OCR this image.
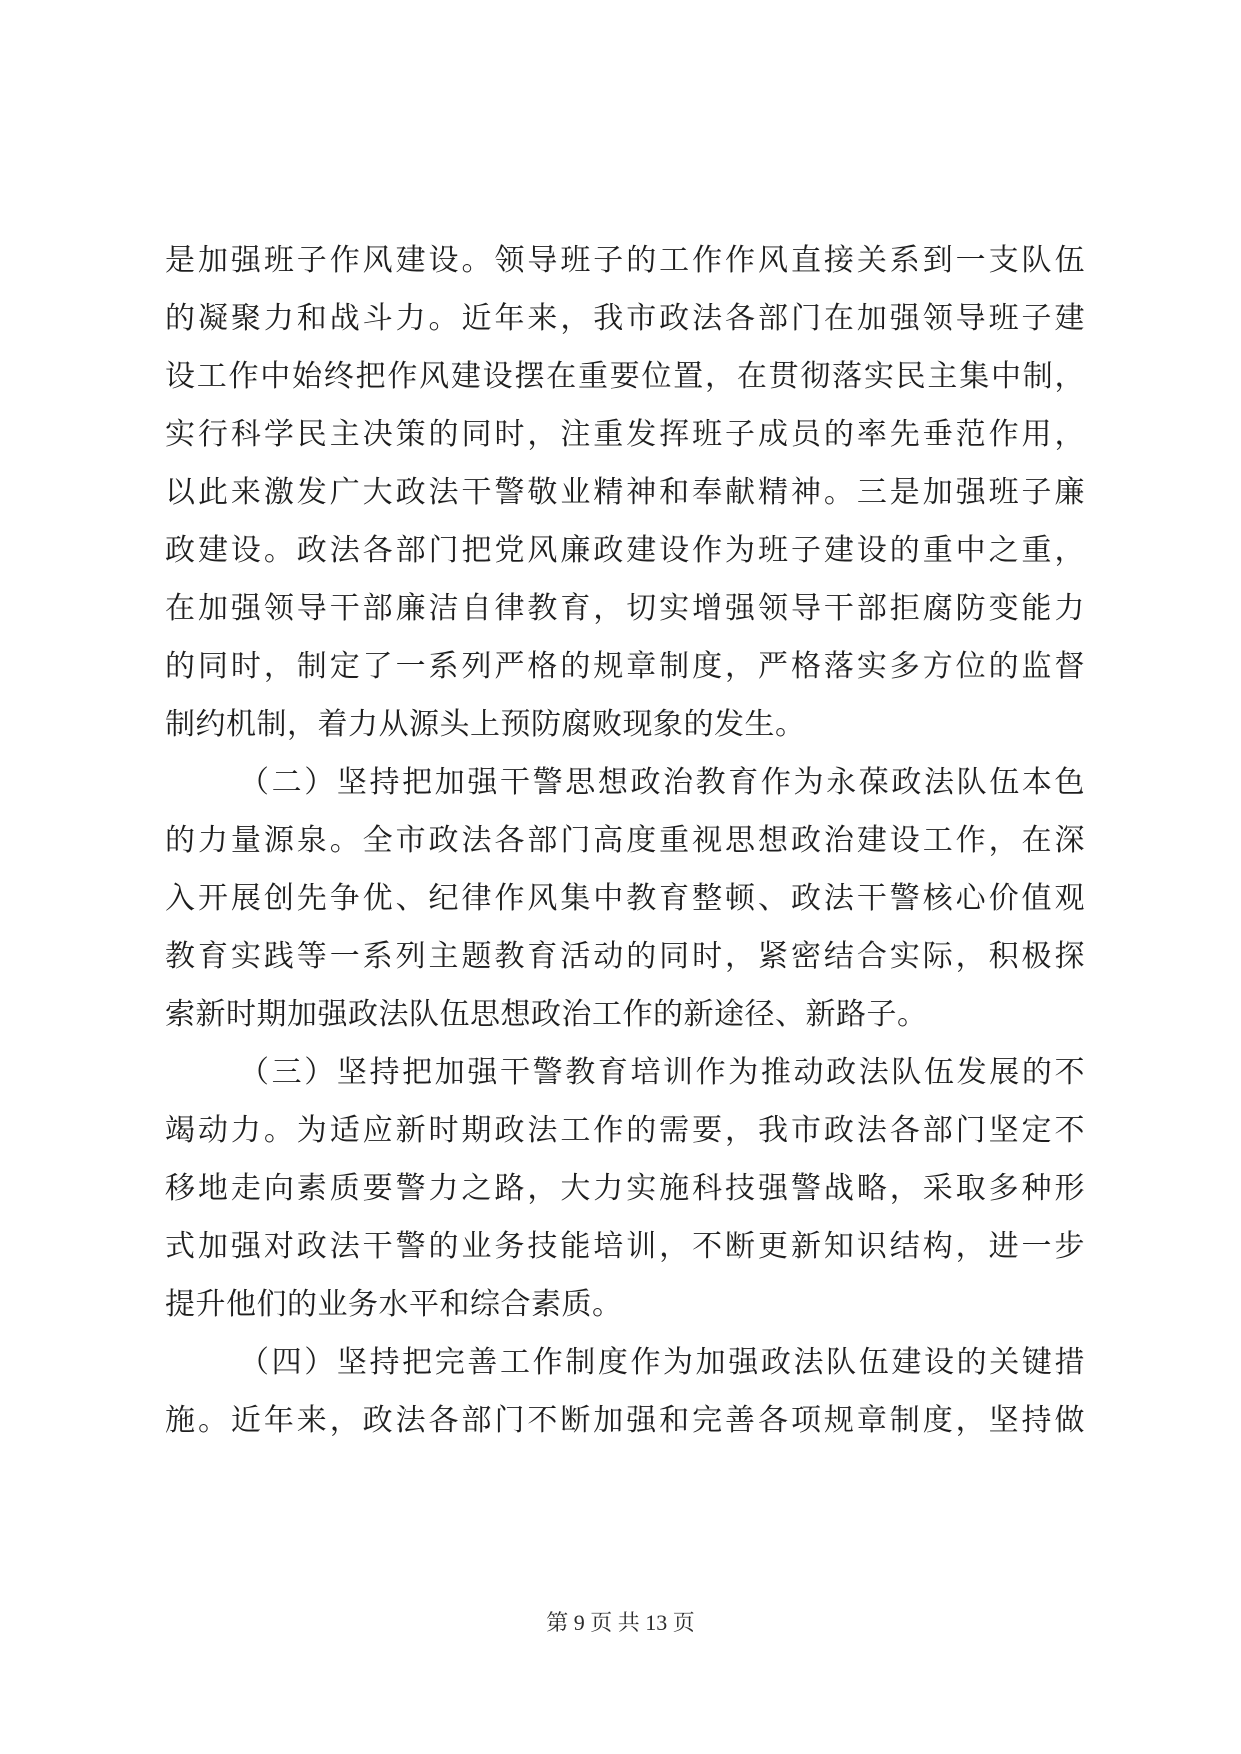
是加强班子作风建设。领导班子的工作作风直接关系到一支队伍
的凝聚力和战斗力。近年来，我市政法各部门在加强领导班子建
设工作中始终把作风建设摆在重要位置，在贯彻落实民主集中制，
实行科学民主决策的同时，注重发挥班子成员的率先垂范作用，
以此来激发广大政法干警敬业精神和奉献精神。三是加强班子廉
政建设。政法各部门把党风廉政建设作为班子建设的重中之重，
在加强领导干部廉洁自律教育，切实增强领导干部拒腐防变能力
的同时，制定了一系列严格的规章制度，严格落实多方位的监督
制约机制，着力从源头上预防腐败现象的发生。
（二）坚持把加强干警思想政治教育作为永葆政法队伍本色
的力量源泉。全市政法各部门高度重视思想政治建设工作，在深
入开展创先争优、纪律作风集中教育整顿、政法干警核心价值观
教育实践等一系列主题教育活动的同时，紧密结合实际，积极探
索新时期加强政法队伍思想政治工作的新途径、新路子。
（三）坚持把加强干警教育培训作为推动政法队伍发展的不
竭动力。为适应新时期政法工作的需要，我市政法各部门坚定不
移地走向素质要警力之路，大力实施科技强警战略，采取多种形
式加强对政法干警的业务技能培训，不断更新知识结构，进一步
提升他们的业务水平和综合素质。
（四）坚持把完善工作制度作为加强政法队伍建设的关键措
施。近年来，政法各部门不断加强和完善各项规章制度，坚持做
第 9 页 共 13 页
